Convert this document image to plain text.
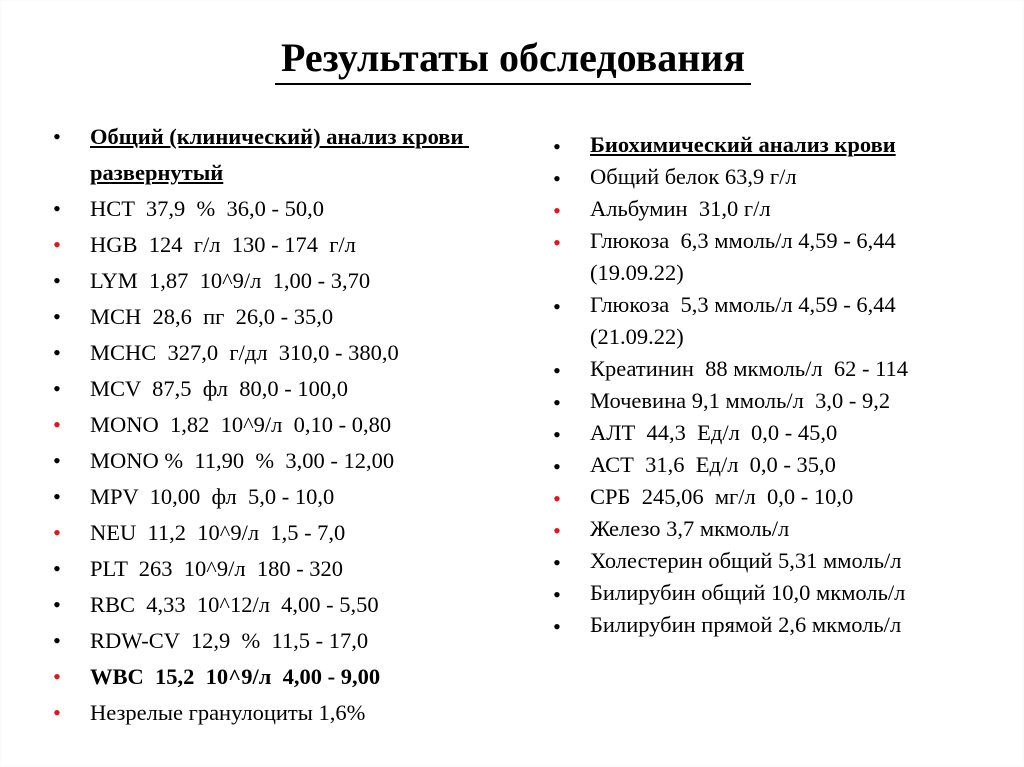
Результаты обследования
• Общий (клинический) анализ крови развернутый
• HCT  37,9  %  36,0 - 50,0
• HGB  124  г/л  130 - 174  г/л
• LYM  1,87  10^9/л  1,00 - 3,70
• MCH  28,6  пг  26,0 - 35,0
• MCHC  327,0  г/дл  310,0 - 380,0
• MCV  87,5  фл  80,0 - 100,0
• MONO  1,82  10^9/л  0,10 - 0,80
• MONO %  11,90  %  3,00 - 12,00
• MPV  10,00  фл  5,0 - 10,0
• NEU  11,2  10^9/л  1,5 - 7,0
• PLT  263  10^9/л  180 - 320
• RBC  4,33  10^12/л  4,00 - 5,50
• RDW-CV  12,9  %  11,5 - 17,0
• WBC  15,2  10^9/л  4,00 - 9,00
• Незрелые гранулоциты 1,6%
• Биохимический анализ крови
• Общий белок 63,9 г/л
• Альбумин  31,0 г/л
• Глюкоза  6,3 ммоль/л 4,59 - 6,44 (19.09.22)
• Глюкоза  5,3 ммоль/л 4,59 - 6,44 (21.09.22)
• Креатинин  88 мкмоль/л  62 - 114
• Мочевина 9,1 ммоль/л  3,0 - 9,2
• АЛТ  44,3  Ед/л  0,0 - 45,0
• АСТ  31,6  Ед/л  0,0 - 35,0
• СРБ  245,06  мг/л  0,0 - 10,0
• Железо 3,7 мкмоль/л
• Холестерин общий 5,31 ммоль/л
• Билирубин общий 10,0 мкмоль/л
• Билирубин прямой 2,6 мкмоль/л
